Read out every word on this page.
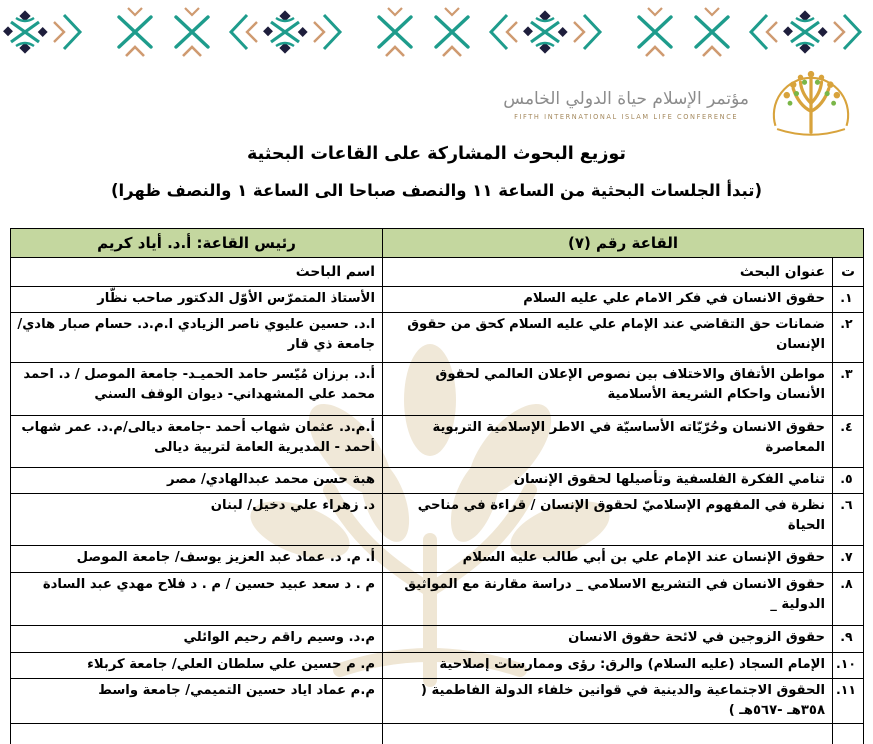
مؤتمر الإسلام حياة الدولي الخامس
FIFTH INTERNATIONAL ISLAM LIFE CONFERENCE
توزيع البحوث المشاركة على القاعات البحثية
(تبدأ الجلسات البحثية من الساعة ١١ والنصف صباحا الى الساعة ١ والنصف ظهرا)
القاعة رقم (٧)		رئيس القاعة: أ.د. أياد كريم
ت	عنوان البحث	اسم الباحث
١.	حقوق الانسان في فكر الامام علي عليه السلام	الأستاذ المتمرّس الأوّل الدكتور صاحب نظّار
٢.	ضمانات حق التقاضي عند الإمام علي عليه السلام كحق من حقوق الإنسان	ا.د. حسين عليوي ناصر الزيادي ا.م.د. حسام صبار هادي/ جامعة ذي قار
٣.	مواطن الأتفاق والاختلاف بين نصوص الإعلان العالمي لحقوق الأنسان واحكام الشريعة الأسلامية	أ.د. برزان مُيّسر حامد الحميـد- جامعة الموصل / د. احمد محمد علي المشهداني- ديوان الوقف السني
٤.	حقوق الانسان وحُرّيّاته الأساسيّة في الاطر الإسلامية التربوية المعاصرة	أ.م.د. عثمان شهاب أحمد -جامعة ديالى/م.د. عمر شهاب أحمد - المديرية العامة لتربية ديالى
٥.	تنامي الفكرة الفلسفية وتأصيلها لحقوق الإنسان	هبة حسن محمد عبدالهادي/ مصر
٦.	نظرة في المفهوم الإسلاميّ لحقوق الإنسان / قراءة في مناحي الحياة	د. زهراء علي دخيل/ لبنان
٧.	حقوق الإنسان عند الإمام علي بن أبي طالب عليه السلام	أ. م. د. عماد عبد العزيز يوسف/ جامعة الموصل
٨.	حقوق الانسان في التشريع الاسلامي _ دراسة مقارنة مع المواثيق الدولية _	م . د سعد عبيد حسين / م . د فلاح مهدي عبد السادة
٩.	حقوق الزوجين في لائحة حقوق الانسان	م.د. وسيم راقم رحيم الوائلي
١٠.	الإمام السجاد (عليه السلام) والرق: رؤى وممارسات إصلاحية	م. م حسين علي سلطان العلي/ جامعة كربلاء
١١.	الحقوق الاجتماعية والدينية في قوانين خلفاء الدولة الفاطمية ( ٣٥٨هـ -٥٦٧هـ )	م.م عماد اياد حسين التميمي/ جامعة واسط
